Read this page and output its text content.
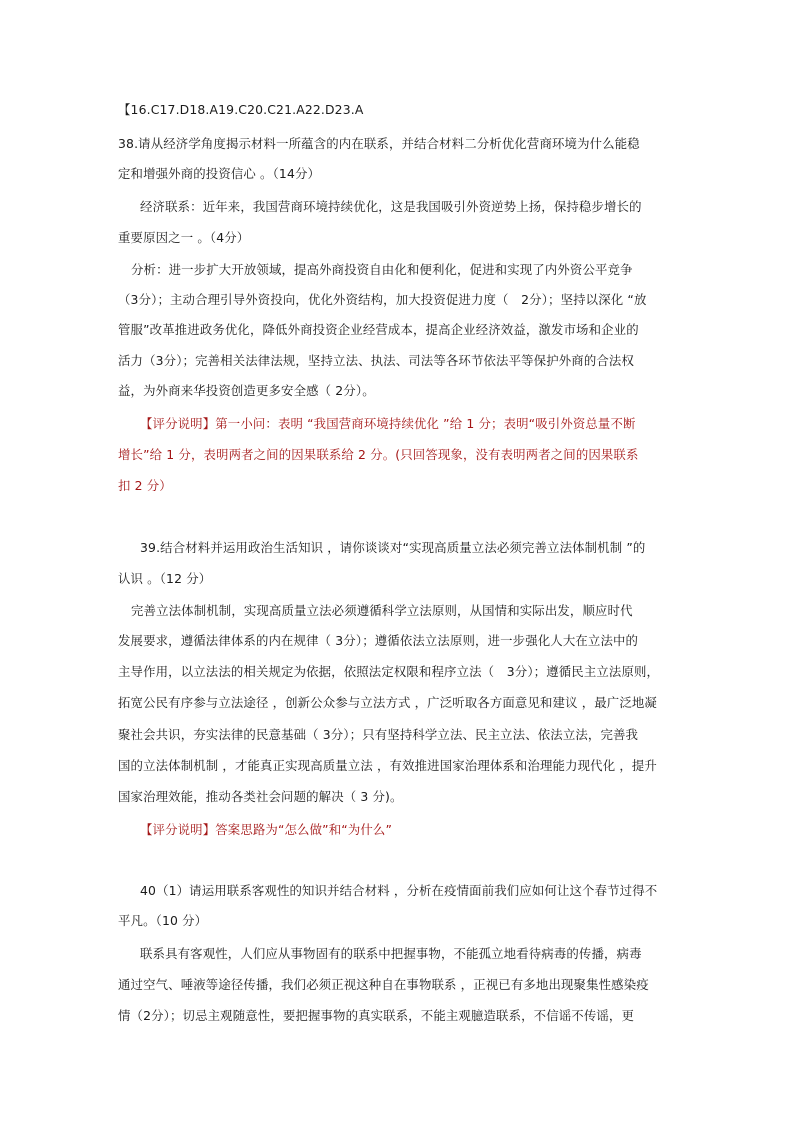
【16.C17.D18.A19.C20.C21.A22.D23.A
38.请从经济学角度揭示材料一所蕴含的内在联系，并结合材料二分析优化营商环境为什么能稳
定和增强外商的投资信心 。（14分）
经济联系：近年来，我国营商环境持续优化，这是我国吸引外资逆势上扬，保持稳步增长的
重要原因之一 。（4分）
分析：进一步扩大开放领域，提高外商投资自由化和便利化，促进和实现了内外资公平竞争
（3分）；主动合理引导外资投向，优化外资结构，加大投资促进力度（　2分）；坚持以深化 “放
管服”改革推进政务优化，降低外商投资企业经营成本，提高企业经济效益，激发市场和企业的
活力（3分）；完善相关法律法规，坚持立法、执法、司法等各环节依法平等保护外商的合法权
益，为外商来华投资创造更多安全感（ 2分）。
【评分说明】第一小问：表明 “我国营商环境持续优化 ”给 1 分；表明“吸引外资总量不断
增长”给 1 分，表明两者之间的因果联系给 2 分。(只回答现象，没有表明两者之间的因果联系
扣 2 分）
39.结合材料并运用政治生活知识 ，请你谈谈对“实现高质量立法必须完善立法体制机制 ”的
认识 。（12 分）
完善立法体制机制，实现高质量立法必须遵循科学立法原则，从国情和实际出发，顺应时代
发展要求，遵循法律体系的内在规律（ 3分）；遵循依法立法原则，进一步强化人大在立法中的
主导作用，以立法法的相关规定为依据，依照法定权限和程序立法（　3分）；遵循民主立法原则，
拓宽公民有序参与立法途径 ，创新公众参与立法方式 ，广泛听取各方面意见和建议 ，最广泛地凝
聚社会共识，夯实法律的民意基础（ 3分）；只有坚持科学立法、民主立法、依法立法，完善我
国的立法体制机制 ，才能真正实现高质量立法 ，有效推进国家治理体系和治理能力现代化 ，提升
国家治理效能，推动各类社会问题的解决（ 3 分)。
【评分说明】答案思路为“怎么做”和“为什么”
40（1）请运用联系客观性的知识并结合材料 ，分析在疫情面前我们应如何让这个春节过得不
平凡。（10 分）
联系具有客观性，人们应从事物固有的联系中把握事物，不能孤立地看待病毒的传播，病毒
通过空气、唾液等途径传播，我们必须正视这种自在事物联系 ，正视已有多地出现聚集性感染疫
情（2分）；切忌主观随意性，要把握事物的真实联系，不能主观臆造联系，不信谣不传谣，更
